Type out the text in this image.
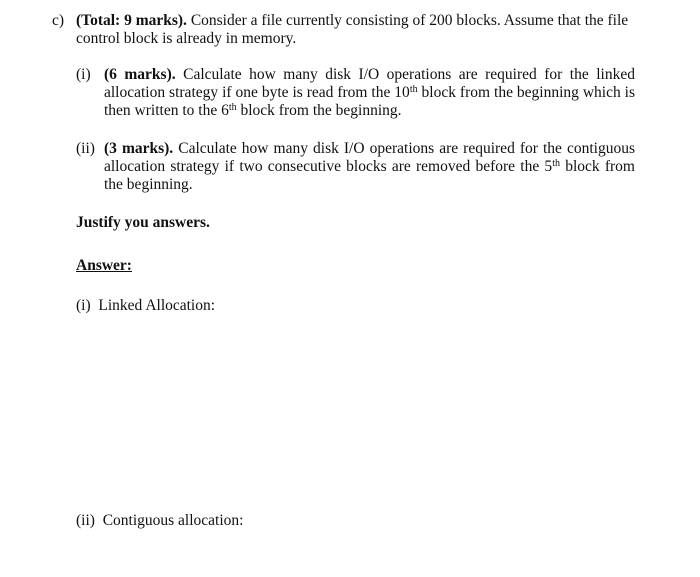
c) (Total: 9 marks). Consider a file currently consisting of 200 blocks. Assume that the file control block is already in memory.
(i) (6 marks). Calculate how many disk I/O operations are required for the linked allocation strategy if one byte is read from the 10th block from the beginning which is then written to the 6th block from the beginning.
(ii) (3 marks). Calculate how many disk I/O operations are required for the contiguous allocation strategy if two consecutive blocks are removed before the 5th block from the beginning.
Justify you answers.
Answer:
(i) Linked Allocation:
(ii) Contiguous allocation:
